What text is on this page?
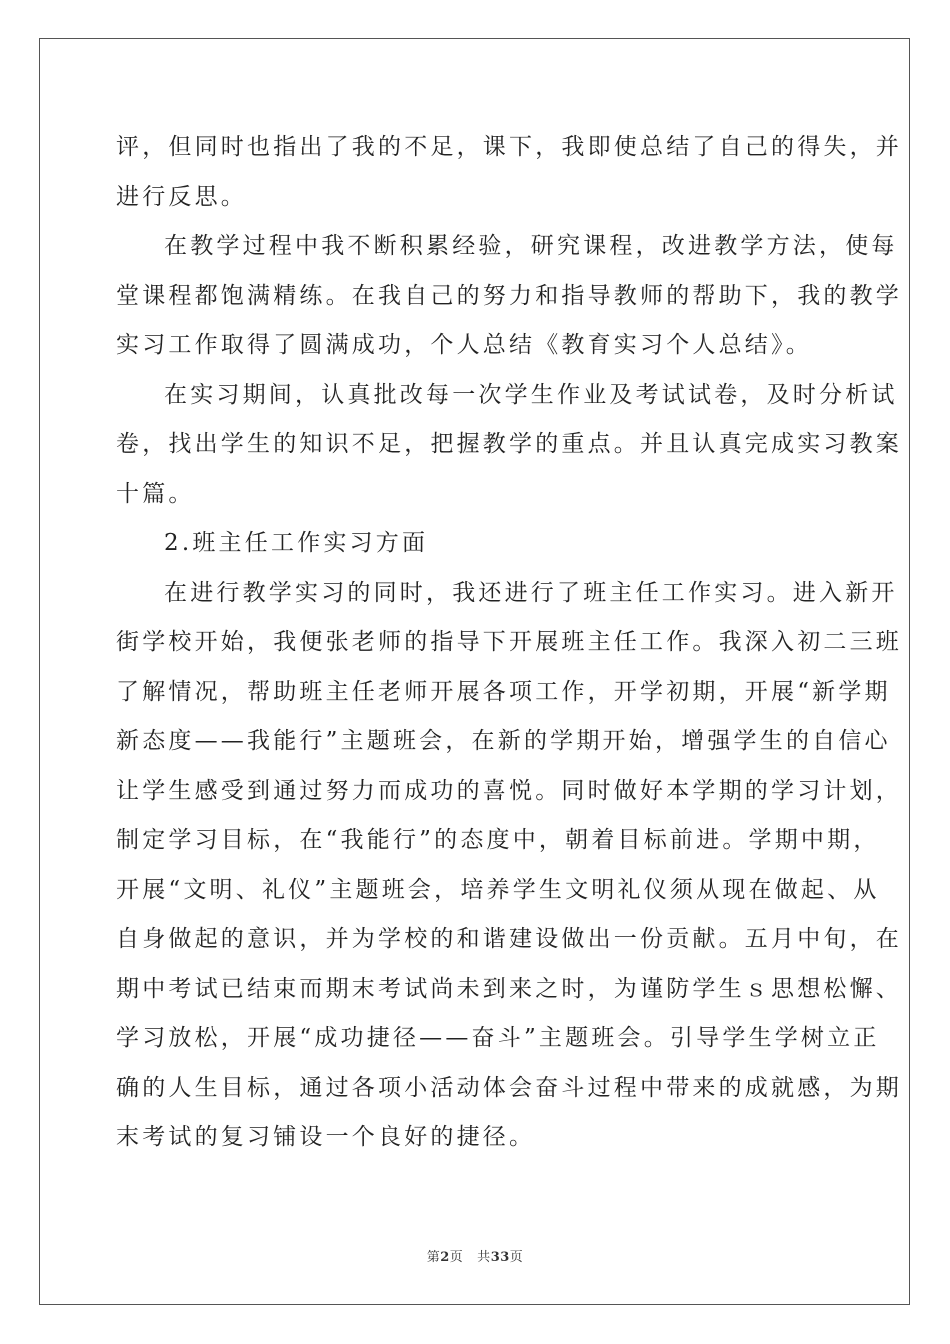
评，但同时也指出了我的不足，课下，我即使总结了自己的得失，并
进行反思。
在教学过程中我不断积累经验，研究课程，改进教学方法，使每
堂课程都饱满精练。在我自己的努力和指导教师的帮助下，我的教学
实习工作取得了圆满成功，个人总结《教育实习个人总结》。
在实习期间，认真批改每一次学生作业及考试试卷，及时分析试
卷，找出学生的知识不足，把握教学的重点。并且认真完成实习教案
十篇。
2.班主任工作实习方面
在进行教学实习的同时，我还进行了班主任工作实习。进入新开
街学校开始，我便张老师的指导下开展班主任工作。我深入初二三班
了解情况，帮助班主任老师开展各项工作，开学初期，开展“新学期
新态度——我能行”主题班会，在新的学期开始，增强学生的自信心
让学生感受到通过努力而成功的喜悦。同时做好本学期的学习计划，
制定学习目标，在“我能行”的态度中，朝着目标前进。学期中期，
开展“文明、礼仪”主题班会，培养学生文明礼仪须从现在做起、从
自身做起的意识，并为学校的和谐建设做出一份贡献。五月中旬，在
期中考试已结束而期末考试尚未到来之时，为谨防学生ｓ思想松懈、
学习放松，开展“成功捷径——奋斗”主题班会。引导学生学树立正
确的人生目标，通过各项小活动体会奋斗过程中带来的成就感，为期
末考试的复习铺设一个良好的捷径。
第2页 共33页
